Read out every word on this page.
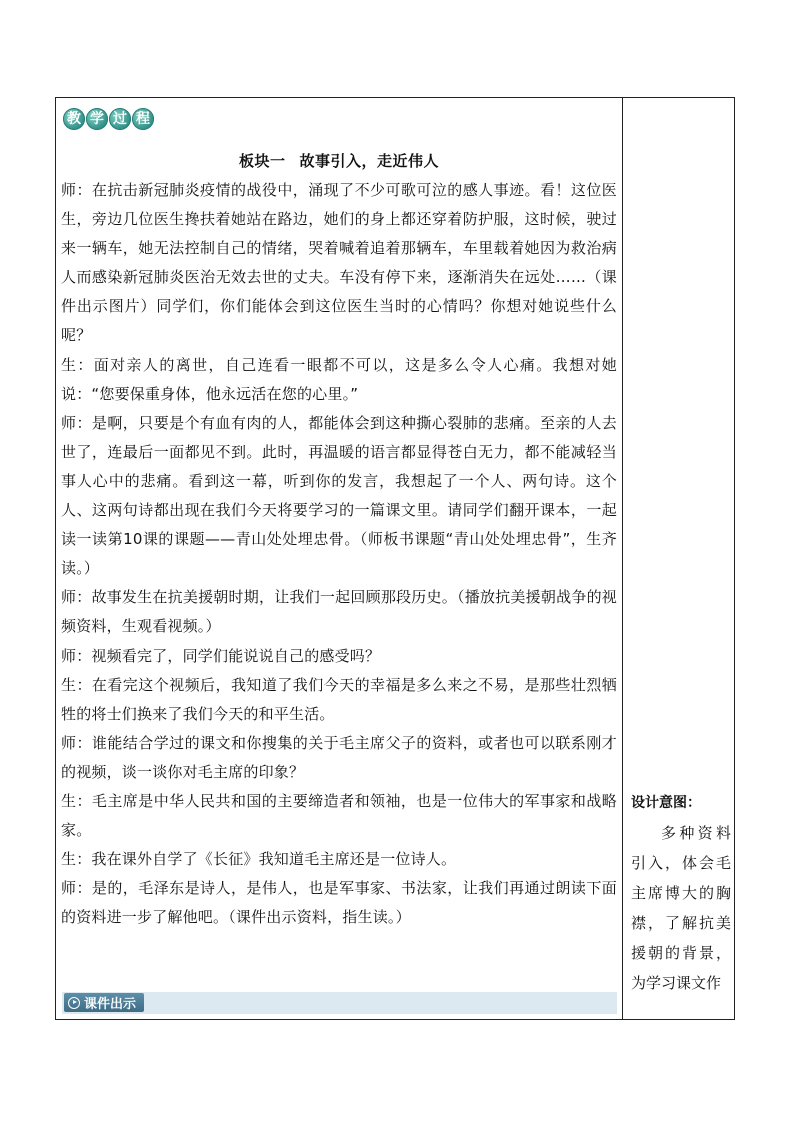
教 学 过 程
板块一 故事引入，走近伟人

师：在抗击新冠肺炎疫情的战役中，涌现了不少可歌可泣的感人事迹。看！这位医生，旁边几位医生搀扶着她站在路边，她们的身上都还穿着防护服，这时候，驶过来一辆车，她无法控制自己的情绪，哭着喊着追着那辆车，车里载着她因为救治病人而感染新冠肺炎医治无效去世的丈夫。车没有停下来，逐渐消失在远处……（课件出示图片）同学们，你们能体会到这位医生当时的心情吗？你想对她说些什么呢？

生：面对亲人的离世，自己连看一眼都不可以，这是多么令人心痛。我想对她说：“您要保重身体，他永远活在您的心里。”

师：是啊，只要是个有血有肉的人，都能体会到这种撕心裂肺的悲痛。至亲的人去世了，连最后一面都见不到。此时，再温暖的语言都显得苍白无力，都不能减轻当事人心中的悲痛。看到这一幕，听到你的发言，我想起了一个人、两句诗。这个人、这两句诗都出现在我们今天将要学习的一篇课文里。请同学们翻开课本，一起读一读第10课的课题——青山处处埋忠骨。（师板书课题“青山处处埋忠骨”，生齐读。）

师：故事发生在抗美援朝时期，让我们一起回顾那段历史。（播放抗美援朝战争的视频资料，生观看视频。）

师：视频看完了，同学们能说说自己的感受吗？

生：在看完这个视频后，我知道了我们今天的幸福是多么来之不易，是那些壮烈牺牲的将士们换来了我们今天的和平生活。

师：谁能结合学过的课文和你搜集的关于毛主席父子的资料，或者也可以联系刚才的视频，谈一谈你对毛主席的印象？

生：毛主席是中华人民共和国的主要缔造者和领袖，也是一位伟大的军事家和战略家。

生：我在课外自学了《长征》我知道毛主席还是一位诗人。

师：是的，毛泽东是诗人，是伟人，也是军事家、书法家，让我们再通过朗读下面的资料进一步了解他吧。（课件出示资料，指生读。）

课件出示
设计意图：
多种资料引入，体会毛主席博大的胸襟，了解抗美援朝的背景，为学习课文作
